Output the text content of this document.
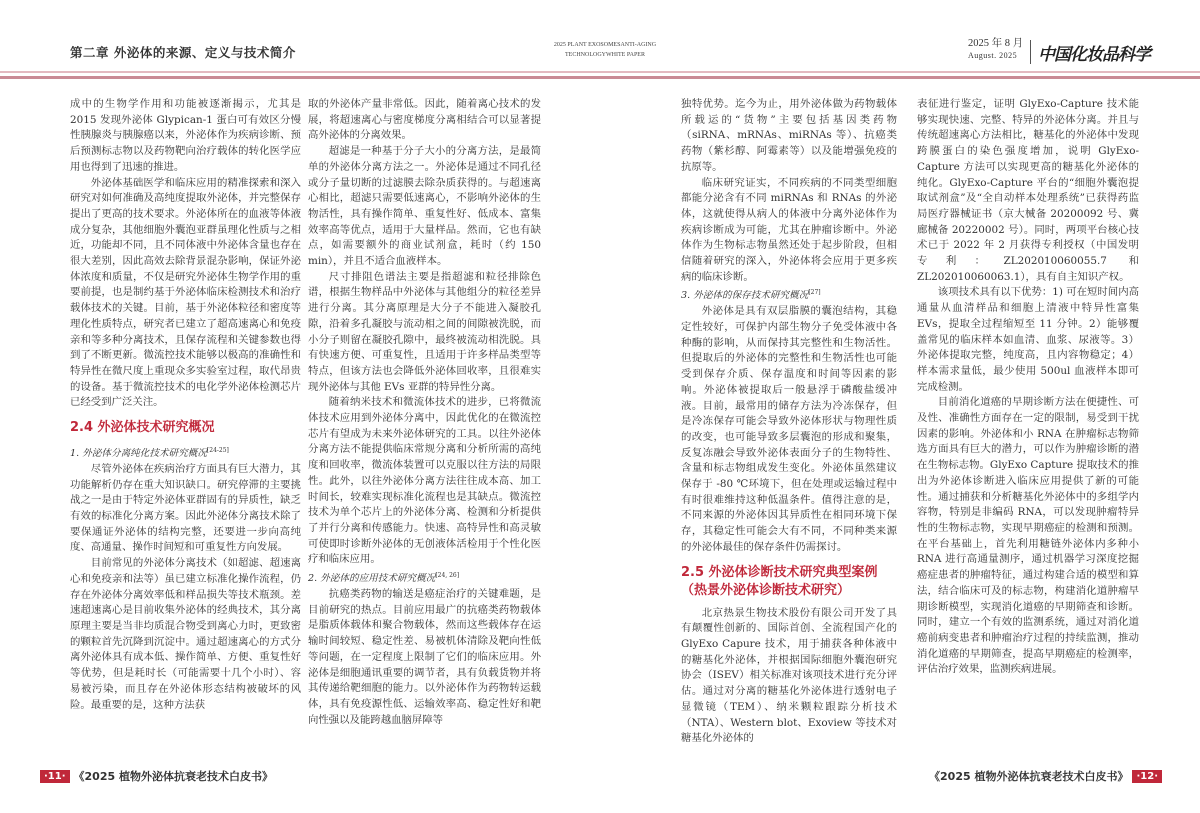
第二章 外泌体的来源、定义与技术简介	2025 PLANT EXOSOMESANTI-AGING
TECHNOLOGYWHITE PAPER
2025 年 8 月
August. 2025	中国化妆品科学

成中的生物学作用和功能被逐渐揭示，尤其是 2015 发现外泌体 Glypican-1 蛋白可有效区分慢性胰腺炎与胰腺癌以来，外泌体作为疾病诊断、预后预测标志物以及药物靶向治疗载体的转化医学应用也得到了迅速的推进。

外泌体基础医学和临床应用的精准探索和深入研究对如何准确及高纯度提取外泌体，并完整保存提出了更高的技术要求。外泌体所在的血液等体液成分复杂，其他细胞外囊泡亚群虽理化性质与之相近，功能却不同，且不同体液中外泌体含量也存在很大差别，因此高效去除背景混杂影响，保证外泌体浓度和质量，不仅是研究外泌体生物学作用的重要前提，也是制约基于外泌体临床检测技术和治疗载体技术的关键。目前，基于外泌体粒径和密度等理化性质特点，研究者已建立了超高速离心和免疫亲和等多种分离技术，且保存流程和关键参数也得到了不断更新。微流控技术能够以极高的准确性和特异性在微尺度上重现众多实验室过程，取代昂贵的设备。基于微流控技术的电化学外泌体检测芯片已经受到广泛关注。

2.4 外泌体技术研究概况
1. 外泌体分离纯化技术研究概况[24-25]

尽管外泌体在疾病治疗方面具有巨大潜力，其功能解析仍存在重大知识缺口。研究停滞的主要挑战之一是由于特定外泌体亚群固有的异质性，缺乏有效的标准化分离方案。因此外泌体分离技术除了要保通证外泌体的结构完整，还要进一步向高纯度、高通量、操作时间短和可重复性方向发展。

目前常见的外泌体分离技术（如超滤、超速离心和免疫亲和法等）虽已建立标准化操作流程，仍存在外泌体分离效率低和样品损失等技术瓶颈。差速超速离心是目前收集外泌体的经典技术，其分离原理主要是当非均质混合物受到离心力时，更致密的颗粒首先沉降到沉淀中。通过超速离心的方式分离外泌体具有成本低、操作简单、方便、重复性好等优势，但是耗时长（可能需要十几个小时）、容易被污染，而且存在外泌体形态结构被破坏的风险。最重要的是，这种方法获

取的外泌体产量非常低。因此，随着离心技术的发展，将超速离心与密度梯度分离相结合可以显著提高外泌体的分离效果。

超滤是一种基于分子大小的分离方法，是最简单的外泌体分离方法之一。外泌体是通过不同孔径或分子量切断的过滤膜去除杂质获得的。与超速离心相比，超滤只需要低速离心，不影响外泌体的生物活性，具有操作简单、重复性好、低成本、富集效率高等优点，适用于大量样品。然而，它也有缺点，如需要额外的商业试剂盒，耗时（约 150 min），并且不适合血液样本。

尺寸排阻色谱法主要是指超滤和粒径排除色谱，根据生物样品中外泌体与其他组分的粒径差异进行分离。其分离原理是大分子不能进入凝胶孔隙，沿着多孔凝胶与流动相之间的间隙被洗脱，而小分子则留在凝胶孔隙中，最终被流动相洗脱。具有快速方便、可重复性，且适用于许多样品类型等特点，但该方法也会降低外泌体回收率，且很难实现外泌体与其他 EVs 亚群的特异性分离。

随着纳米技术和微流体技术的进步，已将微流体技术应用到外泌体分离中，因此优化的在微流控芯片有望成为未来外泌体研究的工具。以往外泌体分离方法不能提供临床常规分离和分析所需的高纯度和回收率，微流体装置可以克服以往方法的局限性。此外，以往外泌体分离方法往往成本高、加工时间长，较难实现标准化流程也是其缺点。微流控技术为单个芯片上的外泌体分离、检测和分析提供了并行分离和传感能力。快速、高特异性和高灵敏可使即时诊断外泌体的无创液体活检用于个性化医疗和临床应用。

2. 外泌体的应用技术研究概况[24, 26]

抗癌类药物的输送是癌症治疗的关键难题，是目前研究的热点。目前应用最广的抗癌类药物载体是脂质体载体和聚合物载体，然而这些载体存在运输时间较短、稳定性差、易被机体清除及靶向性低等问题，在一定程度上限制了它们的临床应用。外泌体是细胞通讯重要的调节者，具有负载货物并将其传递给靶细胞的能力。以外泌体作为药物转运载体，具有免疫源性低、运输效率高、稳定性好和靶向性强以及能跨越血脑屏障等

独特优势。迄今为止，用外泌体做为药物载体所载运的“货物”主要包括基因类药物（siRNA、mRNAs、miRNAs 等）、抗癌类药物（紫杉醇、阿霉素等）以及能增强免疫的抗原等。

临床研究证实，不同疾病的不同类型细胞都能分泌含有不同 miRNAs 和 RNAs 的外泌体，这就使得从病人的体液中分离外泌体作为疾病诊断成为可能，尤其在肿瘤诊断中。外泌体作为生物标志物虽然还处于起步阶段，但相信随着研究的深入，外泌体将会应用于更多疾病的临床诊断。

3. 外泌体的保存技术研究概况[27]

外泌体是具有双层脂膜的囊泡结构，其稳定性较好，可保护内部生物分子免受体液中各种酶的影响，从而保持其完整性和生物活性。但提取后的外泌体的完整性和生物活性也可能受到保存介质、保存温度和时间等因素的影响。外泌体被提取后一般悬浮于磷酸盐缓冲液。目前，最常用的储存方法为冷冻保存，但是冷冻保存可能会导致外泌体形状与物理性质的改变，也可能导致多层囊泡的形成和聚集，反复冻融会导致外泌体表面分子的生物特性、含量和标志物组成发生变化。外泌体虽然建议保存于 -80 ℃环境下，但在处理或运输过程中有时很难维持这种低温条件。值得注意的是，不同来源的外泌体因其异质性在相同环境下保存，其稳定性可能会大有不同，不同种类来源的外泌体最佳的保存条件仍需探讨。

2.5 外泌体诊断技术研究典型案例（热景外泌体诊断技术研究）

北京热景生物技术股份有限公司开发了具有颠覆性创新的、国际首创、全流程国产化的 GlyExo Capure 技术，用于捕获各种体液中的糖基化外泌体，并根据国际细胞外囊泡研究协会（ISEV）相关标准对该项技术进行充分评估。通过对分离的糖基化外泌体进行透射电子显微镜（TEM）、纳米颗粒跟踪分析技术（NTA）、Western blot、Exoview 等技术对糖基化外泌体的

表征进行鉴定，证明 GlyExo-Capture 技术能够实现快速、完整、特异的外泌体分离。并且与传统超速离心方法相比，糖基化的外泌体中发现跨膜蛋白的染色强度增加，说明 GlyExo-Capture 方法可以实现更高的糖基化外泌体的纯化。GlyExo-Capture 平台的“细胞外囊泡提取试剂盒”及“全自动样本处理系统”已获得药监局医疗器械证书（京大械备 20200092 号、冀廊械备 20220002 号）。同时，两项平台核心技术已于 2022 年 2 月获得专利授权（中国发明专利：ZL202010060055.7 和 ZL202010060063.1），具有自主知识产权。

该项技术具有以下优势：1) 可在短时间内高通量从血清样品和细胞上清液中特异性富集 EVs，提取全过程缩短至 11 分钟。2）能够覆盖常见的临床样本如血清、血浆、尿液等。3）外泌体提取完整，纯度高，且内容物稳定；4）样本需求量低，最少使用 500ul 血液样本即可完成检测。

目前消化道癌的早期诊断方法在便捷性、可及性、准确性方面存在一定的限制，易受到干扰因素的影响。外泌体和小 RNA 在肿瘤标志物筛选方面具有巨大的潜力，可以作为肿瘤诊断的潜在生物标志物。GlyExo Capture 提取技术的推出为外泌体诊断进入临床应用提供了新的可能性。通过捕获和分析糖基化外泌体中的多组学内容物，特别是非编码 RNA，可以发现肿瘤特异性的生物标志物，实现早期癌症的检测和预测。在平台基础上，首先利用糖链外泌体内多种小 RNA 进行高通量测序，通过机器学习深度挖掘癌症患者的肿瘤特征，通过构建合适的模型和算法，结合临床可及的标志物，构建消化道肿瘤早期诊断模型，实现消化道癌的早期筛查和诊断。同时，建立一个有效的监测系统，通过对消化道癌前病变患者和肿瘤治疗过程的持续监测，推动消化道癌的早期筛查，提高早期癌症的检测率，评估治疗效果，监测疾病进展。

·11· 《2025 植物外泌体抗衰老技术白皮书》	《2025 植物外泌体抗衰老技术白皮书》 ·12·
